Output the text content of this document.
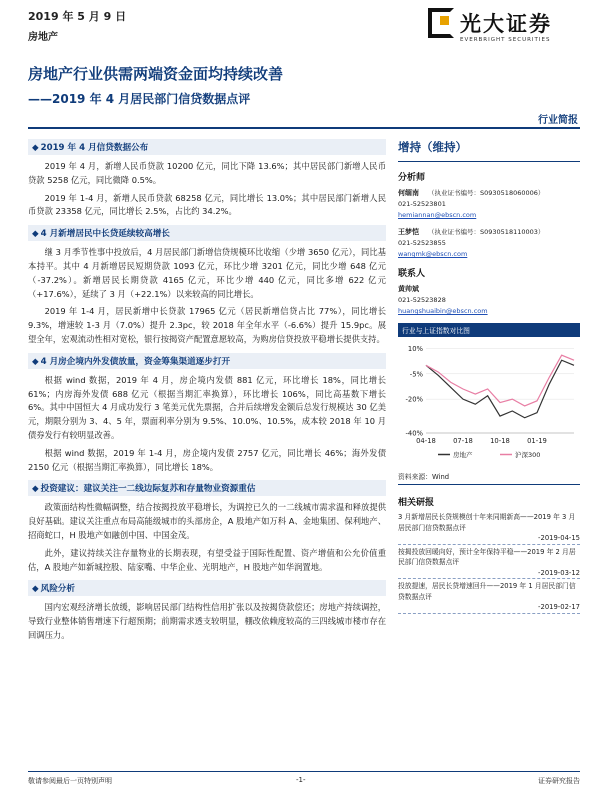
2019 年 5 月 9 日
房地产
光大证券
EVERBRIGHT SECURITIES
房地产行业供需两端资金面均持续改善
——2019 年 4 月居民部门信贷数据点评
行业简报
◆ 2019 年 4 月信贷数据公布

2019 年 4 月，新增人民币贷款 10200 亿元，同比下降 13.6%；其中居民部门新增人民币贷款 5258 亿元，同比微降 0.5%。

2019 年 1-4 月，新增人民币贷款 68258 亿元，同比增长 13.0%；其中居民部门新增人民币贷款 23358 亿元，同比增长 2.5%，占比约 34.2%。

◆ 4 月新增居民中长贷延续较高增长

继 3 月季节性事中投放后，4 月居民部门新增信贷规模环比收缩（少增 3650 亿元），同比基本持平。其中 4 月新增居民短期贷款 1093 亿元，环比少增 3201 亿元，同比少增 648 亿元（-37.2%）。新增居民长期贷款 4165 亿元，环比少增 440 亿元，同比多增 622 亿元（+17.6%），延续了 3 月（+22.1%）以来较高的同比增长。

2019 年 1-4 月，居民新增中长贷款 17965 亿元（居民新增信贷占比 77%），同比增长 9.3%，增速较 1-3 月（7.0%）提升 2.3pc，较 2018 年全年水平（-6.6%）提升 15.9pc。展望全年，宏观流动性相对宽松，银行按揭资产配置意愿较高，为购房信贷投放平稳增长提供支持。

◆ 4 月房企境内外发债放量，资金筹集渠道逐步打开

根据 wind 数据，2019 年 4 月，房企境内发债 881 亿元，环比增长 18%，同比增长 61%；内房海外发债 688 亿元（根据当期汇率换算），环比增长 106%，同比高基数下增长 6%。其中中国恒大 4 月成功发行 3 笔美元优先票据，合并后续增发金额后总发行规模达 30 亿美元，期限分别为 3、4、5 年，票面利率分别为 9.5%、10.0%、10.5%，成本较 2018 年 10 月债券发行有较明显改善。

根据 wind 数据，2019 年 1-4 月，房企境内发债 2757 亿元，同比增长 46%；海外发债 2150 亿元（根据当期汇率换算），同比增长 18%。

◆ 投资建议：建议关注一二线边际复苏和存量物业资源重估

政策面结构性微幅调整，结合按揭投放平稳增长，为调控已久的一二线城市需求温和释放提供良好基础。建议关注重点布局高能级城市的头部房企，A 股地产如万科 A、金地集团、保利地产、招商蛇口，H 股地产如融创中国、中国金茂。

此外，建议持续关注存量物业的长期表现，有望受益于国际性配置、资产增值和公允价值重估，A 股地产如新城控股、陆家嘴、中华企业、光明地产，H 股地产如华润置地。

◆ 风险分析

国内宏观经济增长放缓，影响居民部门结构性信用扩张以及按揭贷款偿还；房地产持续调控，导致行业整体销售增速下行超预期；前期需求透支较明显，棚改依赖度较高的三四线城市楼市存在回调压力。

增持（维持）
分析师
何缅南 （执业证书编号：S0930518060006）
021-52523801
hemiannan@ebscn.com
王梦恺 （执业证书编号：S0930518110003）
021-52523855
wangmk@ebscn.com
联系人
黄帅斌
021-52523828
huangshuaibin@ebscn.com
行业与上证指数对比图
10%
-5%
-20%
-40%
04-18	07-18	10-18	01-19
房地产	沪深300
资料来源：Wind
相关研报
3 月新增居民长贷规模创十年来同期新高——2019 年 3 月居民部门信贷数据点评
-2019-04-15
按揭投放回暖向好，预计全年保持平稳——2019 年 2 月居民部门信贷数据点评
-2019-03-12
投放提速，居民长贷增速回升——2019 年 1 月居民部门信贷数据点评
-2019-02-17
敬请参阅最后一页特别声明	-1-	证券研究报告
